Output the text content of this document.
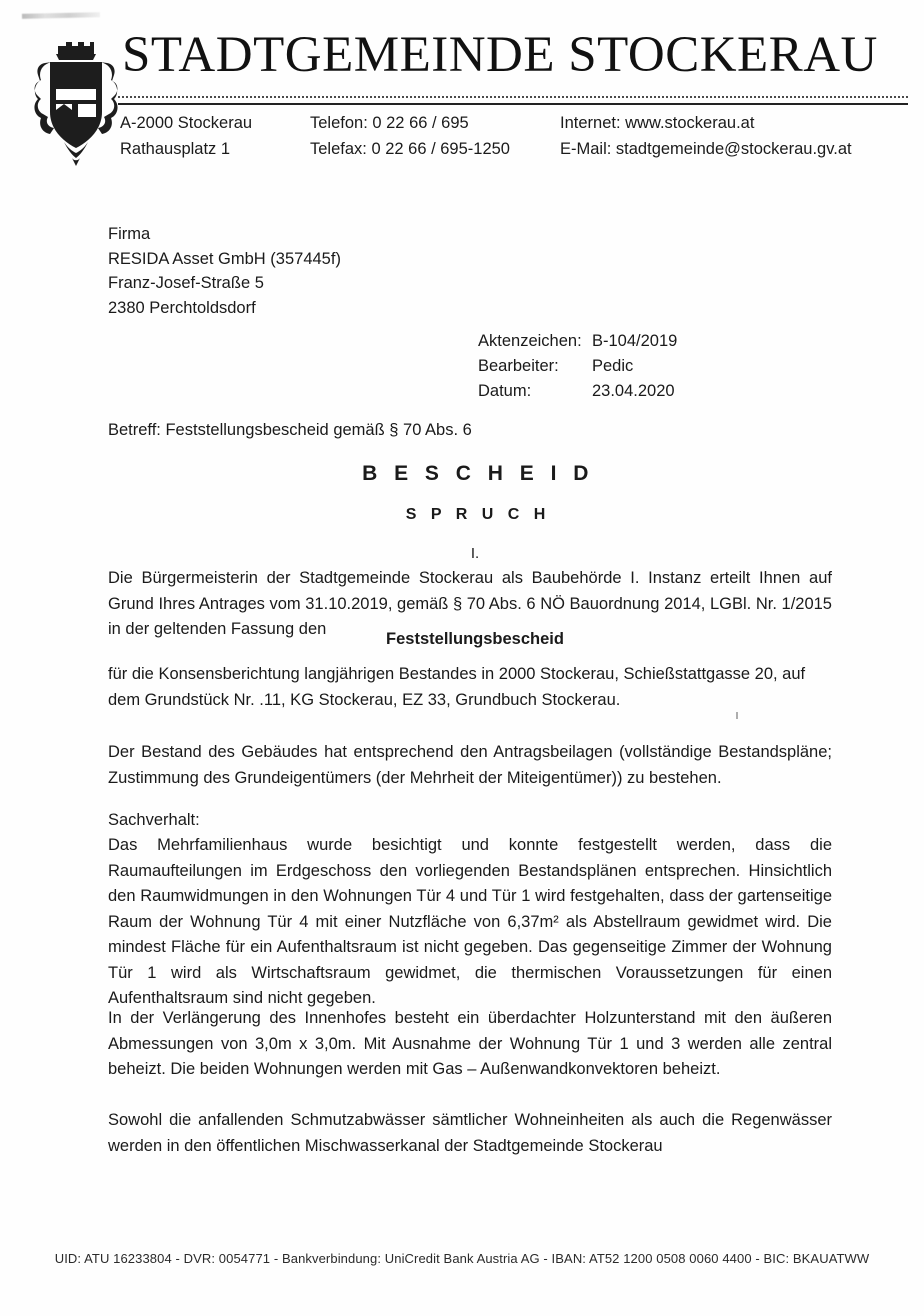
STADTGEMEINDE STOCKERAU
A-2000 Stockerau	Telefon: 0 22 66 / 695	Internet: www.stockerau.at
Rathausplatz 1	Telefax: 0 22 66 / 695-1250	E-Mail: stadtgemeinde@stockerau.gv.at
Firma
RESIDA Asset GmbH (357445f)
Franz-Josef-Straße 5
2380 Perchtoldsdorf
Aktenzeichen: B-104/2019
Bearbeiter:	Pedic
Datum:	23.04.2020
Betreff: Feststellungsbescheid gemäß § 70 Abs. 6
B E S C H E I D
S P R U C H
I.
Die Bürgermeisterin der Stadtgemeinde Stockerau als Baubehörde I. Instanz erteilt Ihnen auf Grund Ihres Antrages vom 31.10.2019, gemäß § 70 Abs. 6 NÖ Bauordnung 2014, LGBl. Nr. 1/2015 in der geltenden Fassung den
Feststellungsbescheid
für die Konsensberichtung langjährigen Bestandes in 2000 Stockerau, Schießstattgasse 20, auf dem Grundstück Nr. .11, KG Stockerau, EZ 33, Grundbuch Stockerau.
Der Bestand des Gebäudes hat entsprechend den Antragsbeilagen (vollständige Bestandspläne; Zustimmung des Grundeigentümers (der Mehrheit der Miteigentümer)) zu bestehen.
Sachverhalt:
Das Mehrfamilienhaus wurde besichtigt und konnte festgestellt werden, dass die Raumaufteilungen im Erdgeschoss den vorliegenden Bestandsplänen entsprechen. Hinsichtlich den Raumwidmungen in den Wohnungen Tür 4 und Tür 1 wird festgehalten, dass der gartenseitige Raum der Wohnung Tür 4 mit einer Nutzfläche von 6,37m² als Abstellraum gewidmet wird. Die mindest Fläche für ein Aufenthaltsraum ist nicht gegeben. Das gegenseitige Zimmer der Wohnung Tür 1 wird als Wirtschaftsraum gewidmet, die thermischen Voraussetzungen für einen Aufenthaltsraum sind nicht gegeben.
In der Verlängerung des Innenhofes besteht ein überdachter Holzunterstand mit den äußeren Abmessungen von 3,0m x 3,0m. Mit Ausnahme der Wohnung Tür 1 und 3 werden alle zentral beheizt. Die beiden Wohnungen werden mit Gas – Außenwandkonvektoren beheizt.
Sowohl die anfallenden Schmutzabwässer sämtlicher Wohneinheiten als auch die Regenwässer werden in den öffentlichen Mischwasserkanal der Stadtgemeinde Stockerau
UID: ATU 16233804 - DVR: 0054771 - Bankverbindung: UniCredit Bank Austria AG - IBAN: AT52 1200 0508 0060 4400 - BIC: BKAUATWW
